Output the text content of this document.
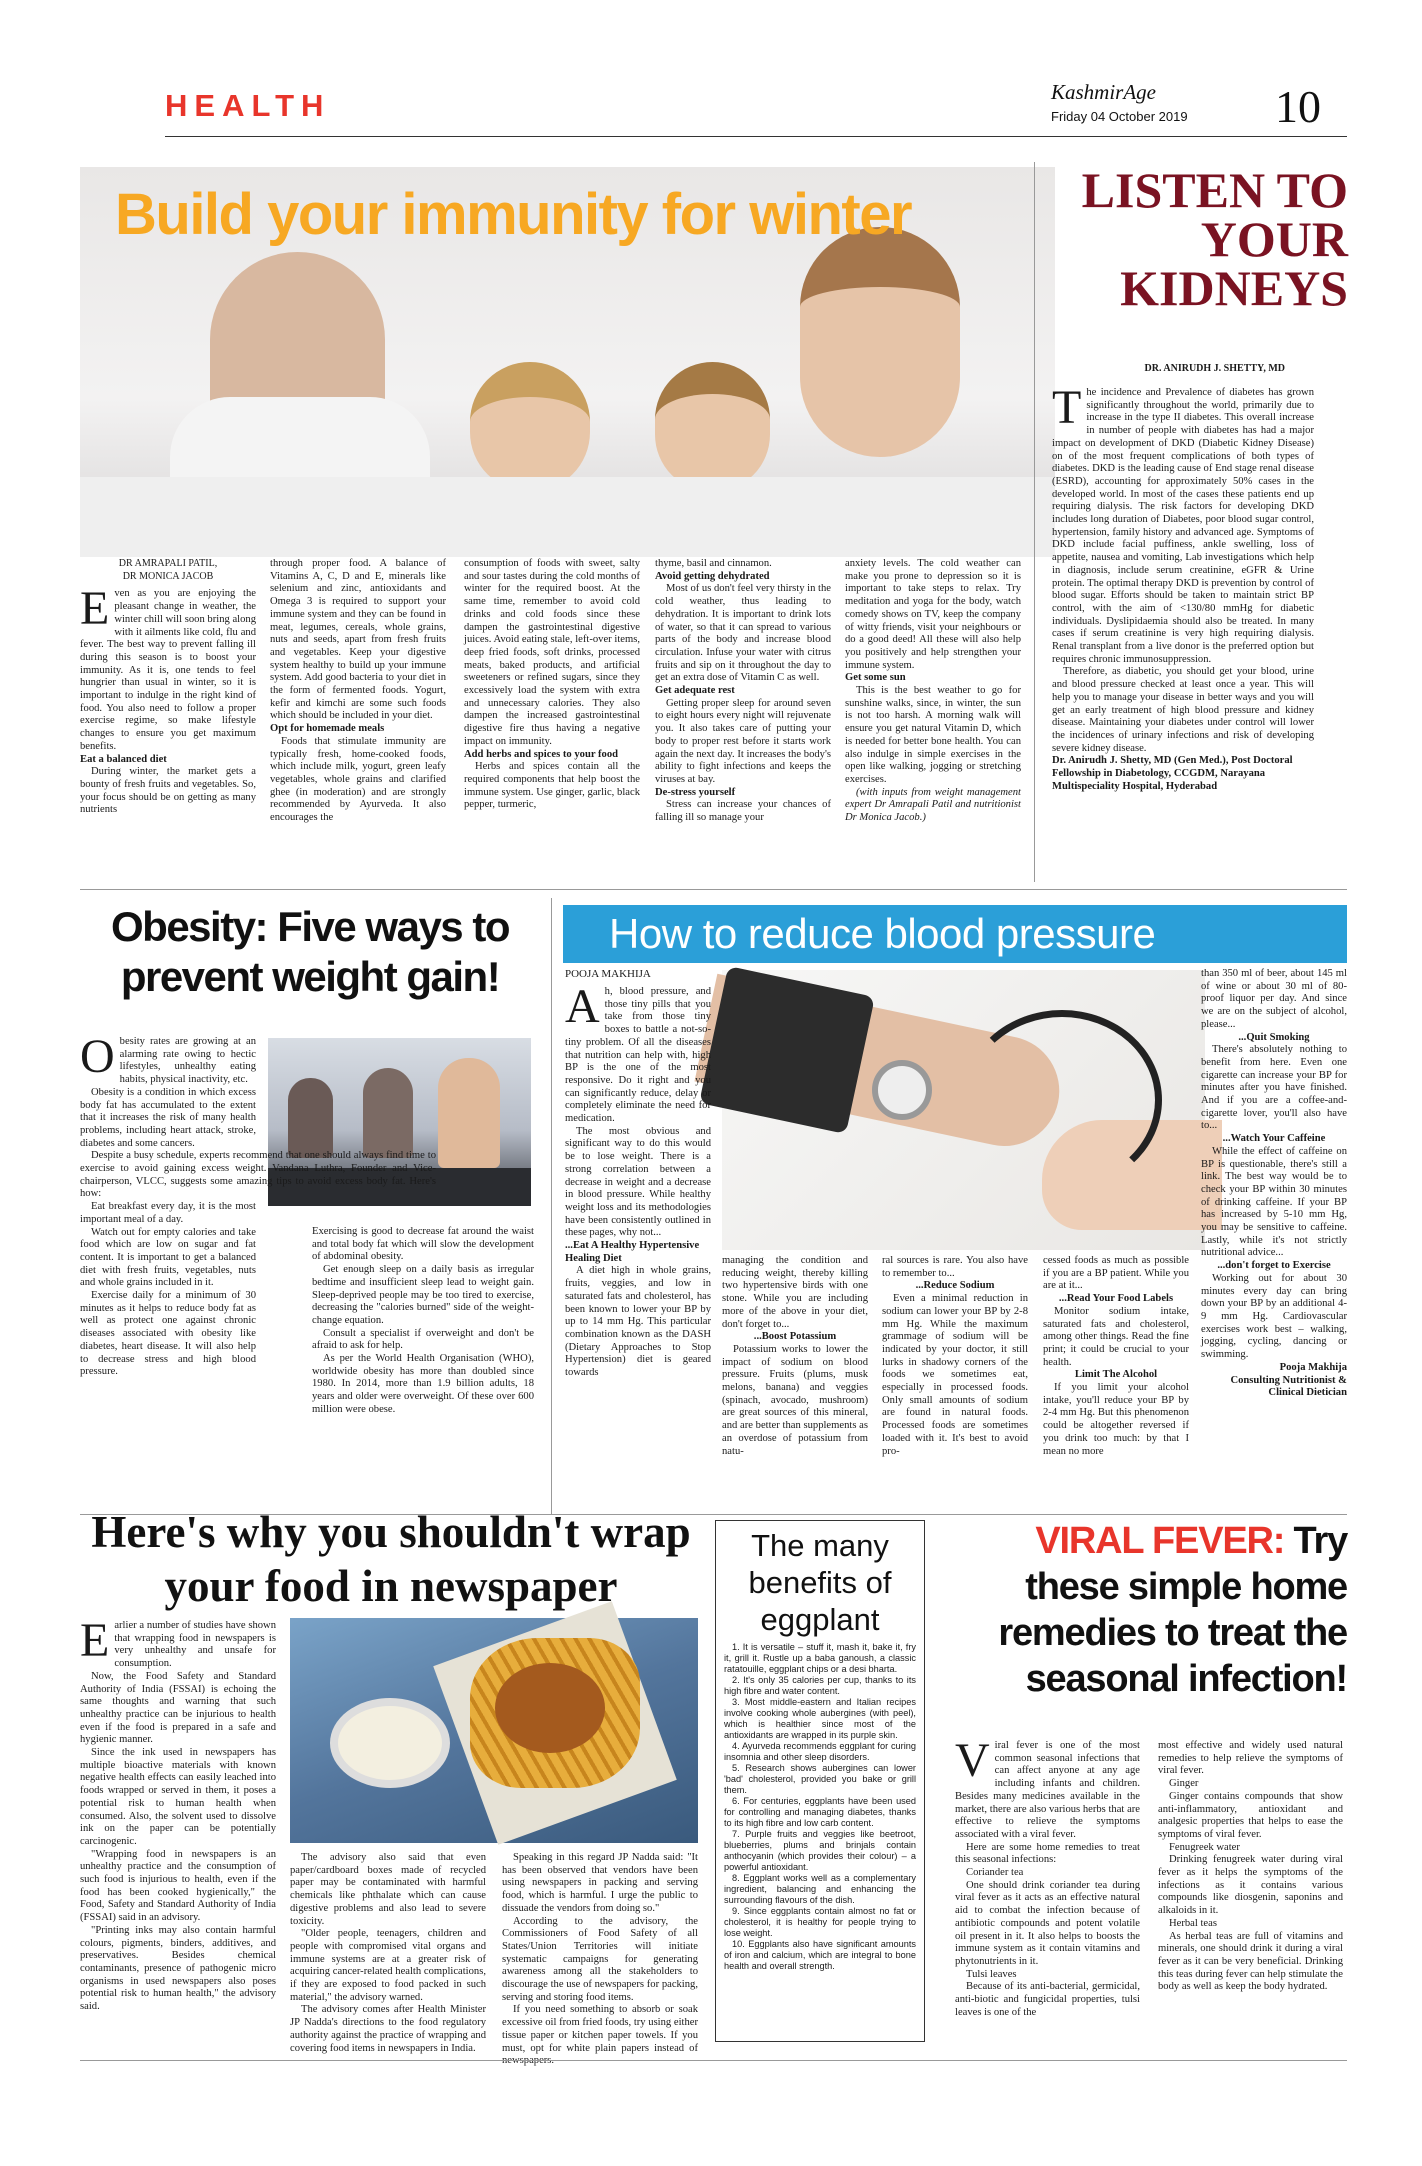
HEALTH	KashmirAge
Friday 04 October 2019 10
Build your immunity for winter

DR AMRAPALI PATIL,

DR MONICA JACOB

Even as you are enjoying the pleasant change in weather, the winter chill will soon bring along with it ailments like cold, flu and fever. The best way to prevent falling ill during this season is to boost your immunity. As it is, one tends to feel hungrier than usual in winter, so it is important to indulge in the right kind of food. You also need to follow a proper exercise regime, so make lifestyle changes to ensure you get maximum benefits.

Eat a balanced diet

During winter, the market gets a bounty of fresh fruits and vegetables. So, your focus should be on getting as many nutrients

through proper food. A balance of Vitamins A, C, D and E, minerals like selenium and zinc, antioxidants and Omega 3 is required to support your immune system and they can be found in meat, legumes, cereals, whole grains, nuts and seeds, apart from fresh fruits and vegetables. Keep your digestive system healthy to build up your immune system. Add good bacteria to your diet in the form of fermented foods. Yogurt, kefir and kimchi are some such foods which should be included in your diet.

Opt for homemade meals

Foods that stimulate immunity are typically fresh, home-cooked foods, which include milk, yogurt, green leafy vegetables, whole grains and clarified ghee (in moderation) and are strongly recommended by Ayurveda. It also encourages the

consumption of foods with sweet, salty and sour tastes during the cold months of winter for the required boost. At the same time, remember to avoid cold drinks and cold foods since these dampen the gastrointestinal digestive juices. Avoid eating stale, left-over items, deep fried foods, soft drinks, processed meats, baked products, and artificial sweeteners or refined sugars, since they excessively load the system with extra and unnecessary calories. They also dampen the increased gastrointestinal digestive fire thus having a negative impact on immunity.

Add herbs and spices to your food

Herbs and spices contain all the required components that help boost the immune system. Use ginger, garlic, black pepper, turmeric,

thyme, basil and cinnamon.

Avoid getting dehydrated

Most of us don't feel very thirsty in the cold weather, thus leading to dehydration. It is important to drink lots of water, so that it can spread to various parts of the body and increase blood circulation. Infuse your water with citrus fruits and sip on it throughout the day to get an extra dose of Vitamin C as well.

Get adequate rest

Getting proper sleep for around seven to eight hours every night will rejuvenate you. It also takes care of putting your body to proper rest before it starts work again the next day. It increases the body's ability to fight infections and keeps the viruses at bay.

De-stress yourself

Stress can increase your chances of falling ill so manage your

anxiety levels. The cold weather can make you prone to depression so it is important to take steps to relax. Try meditation and yoga for the body, watch comedy shows on TV, keep the company of witty friends, visit your neighbours or do a good deed! All these will also help you positively and help strengthen your immune system.

Get some sun

This is the best weather to go for sunshine walks, since, in winter, the sun is not too harsh. A morning walk will ensure you get natural Vitamin D, which is needed for better bone health. You can also indulge in simple exercises in the open like walking, jogging or stretching exercises.

(with inputs from weight management expert Dr Amrapali Patil and nutritionist Dr Monica Jacob.)

LISTEN TO
YOUR
KIDNEYS
DR. ANIRUDH J. SHETTY, MD

The incidence and Prevalence of diabetes has grown significantly throughout the world, primarily due to increase in the type II diabetes. This overall increase in number of people with diabetes has had a major impact on development of DKD (Diabetic Kidney Disease) on of the most frequent complications of both types of diabetes. DKD is the leading cause of End stage renal disease (ESRD), accounting for approximately 50% cases in the developed world. In most of the cases these patients end up requiring dialysis. The risk factors for developing DKD includes long duration of Diabetes, poor blood sugar control, hypertension, family history and advanced age. Symptoms of DKD include facial puffiness, ankle swelling, loss of appetite, nausea and vomiting, Lab investigations which help in diagnosis, include serum creatinine, eGFR & Urine protein. The optimal therapy DKD is prevention by control of blood sugar. Efforts should be taken to maintain strict BP control, with the aim of <130/80 mmHg for diabetic individuals. Dyslipidaemia should also be treated. In many cases if serum creatinine is very high requiring dialysis. Renal transplant from a live donor is the preferred option but requires chronic immunosuppression.

Therefore, as diabetic, you should get your blood, urine and blood pressure checked at least once a year. This will help you to manage your disease in better ways and you will get an early treatment of high blood pressure and kidney disease. Maintaining your diabetes under control will lower the incidences of urinary infections and risk of developing severe kidney disease.

Dr. Anirudh J. Shetty, MD (Gen Med.), Post Doctoral Fellowship in Diabetology, CCGDM, Narayana Multispeciality Hospital, Hyderabad

Obesity: Five ways to
prevent weight gain!

Obesity rates are growing at an alarming rate owing to hectic lifestyles, unhealthy eating habits, physical inactivity, etc.

Obesity is a condition in which excess body fat has accumulated to the extent that it increases the risk of many health problems, including heart attack, stroke, diabetes and some cancers.

Despite a busy schedule, experts recommend that one should always find time to exercise to avoid gaining excess weight. Vandana Luthra, Founder and Vice-chairperson, VLCC, suggests some amazing tips to avoid excess body fat. Here's how:

Eat breakfast every day, it is the most important meal of a day.

Watch out for empty calories and take food which are low on sugar and fat content. It is important to get a balanced diet with fresh fruits, vegetables, nuts and whole grains included in it.

Exercise daily for a minimum of 30 minutes as it helps to reduce body fat as well as protect one against chronic diseases associated with obesity like diabetes, heart disease. It will also help to decrease stress and high blood pressure.

Exercising is good to decrease fat around the waist and total body fat which will slow the development of abdominal obesity.

Get enough sleep on a daily basis as irregular bedtime and insufficient sleep lead to weight gain. Sleep-deprived people may be too tired to exercise, decreasing the "calories burned" side of the weight-change equation.

Consult a specialist if overweight and don't be afraid to ask for help.

As per the World Health Organisation (WHO), worldwide obesity has more than doubled since 1980. In 2014, more than 1.9 billion adults, 18 years and older were overweight. Of these over 600 million were obese.

How to reduce blood pressure
POOJA MAKHIJA

Ah, blood pressure, and those tiny pills that you take from those tiny boxes to battle a not-so-tiny problem. Of all the diseases that nutrition can help with, high BP is the one of the most responsive. Do it right and you can significantly reduce, delay or completely eliminate the need for medication.

The most obvious and significant way to do this would be to lose weight. There is a strong correlation between a decrease in weight and a decrease in blood pressure. While healthy weight loss and its methodologies have been consistently outlined in these pages, why not...

...Eat A Healthy Hypertensive Healing Diet

A diet high in whole grains, fruits, veggies, and low in saturated fats and cholesterol, has been known to lower your BP by up to 14 mm Hg. This particular combination known as the DASH (Dietary Approaches to Stop Hypertension) diet is geared towards

managing the condition and reducing weight, thereby killing two hypertensive birds with one stone. While you are including more of the above in your diet, don't forget to...

...Boost Potassium

Potassium works to lower the impact of sodium on blood pressure. Fruits (plums, musk melons, banana) and veggies (spinach, avocado, mushroom) are great sources of this mineral, and are better than supplements as an overdose of potassium from natu-

ral sources is rare. You also have to remember to...

...Reduce Sodium

Even a minimal reduction in sodium can lower your BP by 2-8 mm Hg. While the maximum grammage of sodium will be indicated by your doctor, it still lurks in shadowy corners of the foods we sometimes eat, especially in processed foods. Only small amounts of sodium are found in natural foods. Processed foods are sometimes loaded with it. It's best to avoid pro-

cessed foods as much as possible if you are a BP patient. While you are at it...

...Read Your Food Labels

Monitor sodium intake, saturated fats and cholesterol, among other things. Read the fine print; it could be crucial to your health.

Limit The Alcohol

If you limit your alcohol intake, you'll reduce your BP by 2-4 mm Hg. But this phenomenon could be altogether reversed if you drink too much: by that I mean no more

than 350 ml of beer, about 145 ml of wine or about 30 ml of 80-proof liquor per day. And since we are on the subject of alcohol, please...

...Quit Smoking

There's absolutely nothing to benefit from here. Even one cigarette can increase your BP for minutes after you have finished. And if you are a coffee-and-cigarette lover, you'll also have to...

...Watch Your Caffeine

While the effect of caffeine on BP is questionable, there's still a link. The best way would be to check your BP within 30 minutes of drinking caffeine. If your BP has increased by 5-10 mm Hg, you may be sensitive to caffeine. Lastly, while it's not strictly nutritional advice...

...don't forget to Exercise

Working out for about 30 minutes every day can bring down your BP by an additional 4-9 mm Hg. Cardiovascular exercises work best – walking, jogging, cycling, dancing or swimming.

Pooja Makhija

Consulting Nutritionist & Clinical Dietician

Here's why you shouldn't wrap
your food in newspaper

Earlier a number of studies have shown that wrapping food in newspapers is very unhealthy and unsafe for consumption.

Now, the Food Safety and Standard Authority of India (FSSAI) is echoing the same thoughts and warning that such unhealthy practice can be injurious to health even if the food is prepared in a safe and hygienic manner.

Since the ink used in newspapers has multiple bioactive materials with known negative health effects can easily leached into foods wrapped or served in them, it poses a potential risk to human health when consumed. Also, the solvent used to dissolve ink on the paper can be potentially carcinogenic.

"Wrapping food in newspapers is an unhealthy practice and the consumption of such food is injurious to health, even if the food has been cooked hygienically," the Food, Safety and Standard Authority of India (FSSAI) said in an advisory.

"Printing inks may also contain harmful colours, pigments, binders, additives, and preservatives. Besides chemical contaminants, presence of pathogenic micro organisms in used newspapers also poses potential risk to human health," the advisory said.

The advisory also said that even paper/cardboard boxes made of recycled paper may be contaminated with harmful chemicals like phthalate which can cause digestive problems and also lead to severe toxicity.

"Older people, teenagers, children and people with compromised vital organs and immune systems are at a greater risk of acquiring cancer-related health complications, if they are exposed to food packed in such material," the advisory warned.

The advisory comes after Health Minister JP Nadda's directions to the food regulatory authority against the practice of wrapping and covering food items in newspapers in India.

Speaking in this regard JP Nadda said: "It has been observed that vendors have been using newspapers in packing and serving food, which is harmful. I urge the public to dissuade the vendors from doing so."

According to the advisory, the Commissioners of Food Safety of all States/Union Territories will initiate systematic campaigns for generating awareness among all the stakeholders to discourage the use of newspapers for packing, serving and storing food items.

If you need something to absorb or soak excessive oil from fried foods, try using either tissue paper or kitchen paper towels. If you must, opt for white plain papers instead of

The many
benefits of
eggplant
1. It is versatile – stuff it, mash it, bake it, fry it, grill it. Rustle up a baba ganoush, a classic ratatouille, eggplant chips or a desi bharta.
2. It's only 35 calories per cup, thanks to its high fibre and water content.
3. Most middle-eastern and Italian recipes involve cooking whole aubergines (with peel), which is healthier since most of the antioxidants are wrapped in its purple skin.
4. Ayurveda recommends eggplant for curing insomnia and other sleep disorders.
5. Research shows aubergines can lower 'bad' cholesterol, provided you bake or grill them.
6. For centuries, eggplants have been used for controlling and managing diabetes, thanks to its high fibre and low carb content.
7. Purple fruits and veggies like beetroot, blueberries, plums and brinjals contain anthocyanin (which provides their colour) – a powerful antioxidant.
8. Eggplant works well as a complementary ingredient, balancing and enhancing the surrounding flavours of the dish.
9. Since eggplants contain almost no fat or cholesterol, it is healthy for people trying to lose weight.
10. Eggplants also have significant amounts of iron and calcium, which are integral to bone health and overall strength.
VIRAL FEVER: Try these simple home remedies to treat the seasonal infection!

Viral fever is one of the most common seasonal infections that can affect anyone at any age including infants and children. Besides many medicines available in the market, there are also various herbs that are effective to relieve the symptoms associated with a viral fever.

Here are some home remedies to treat this seasonal infections:

Coriander tea

One should drink coriander tea during viral fever as it acts as an effective natural aid to combat the infection because of antibiotic compounds and potent volatile oil present in it. It also helps to boosts the immune system as it contain vitamins and phytonutrients in it.

Tulsi leaves

Because of its anti-bacterial, germicidal, anti-biotic and fungicidal properties, tulsi leaves is one of the

most effective and widely used natural remedies to help relieve the symptoms of viral fever.

Ginger

Ginger contains compounds that show anti-inflammatory, antioxidant and analgesic properties that helps to ease the symptoms of viral fever.

Fenugreek water

Drinking fenugreek water during viral fever as it helps the symptoms of the infections as it contains various compounds like diosgenin, saponins and alkaloids in it.

Herbal teas

As herbal teas are full of vitamins and minerals, one should drink it during a viral fever as it can be very beneficial. Drinking this teas during fever can help stimulate the body as well as keep the body hydrated.
